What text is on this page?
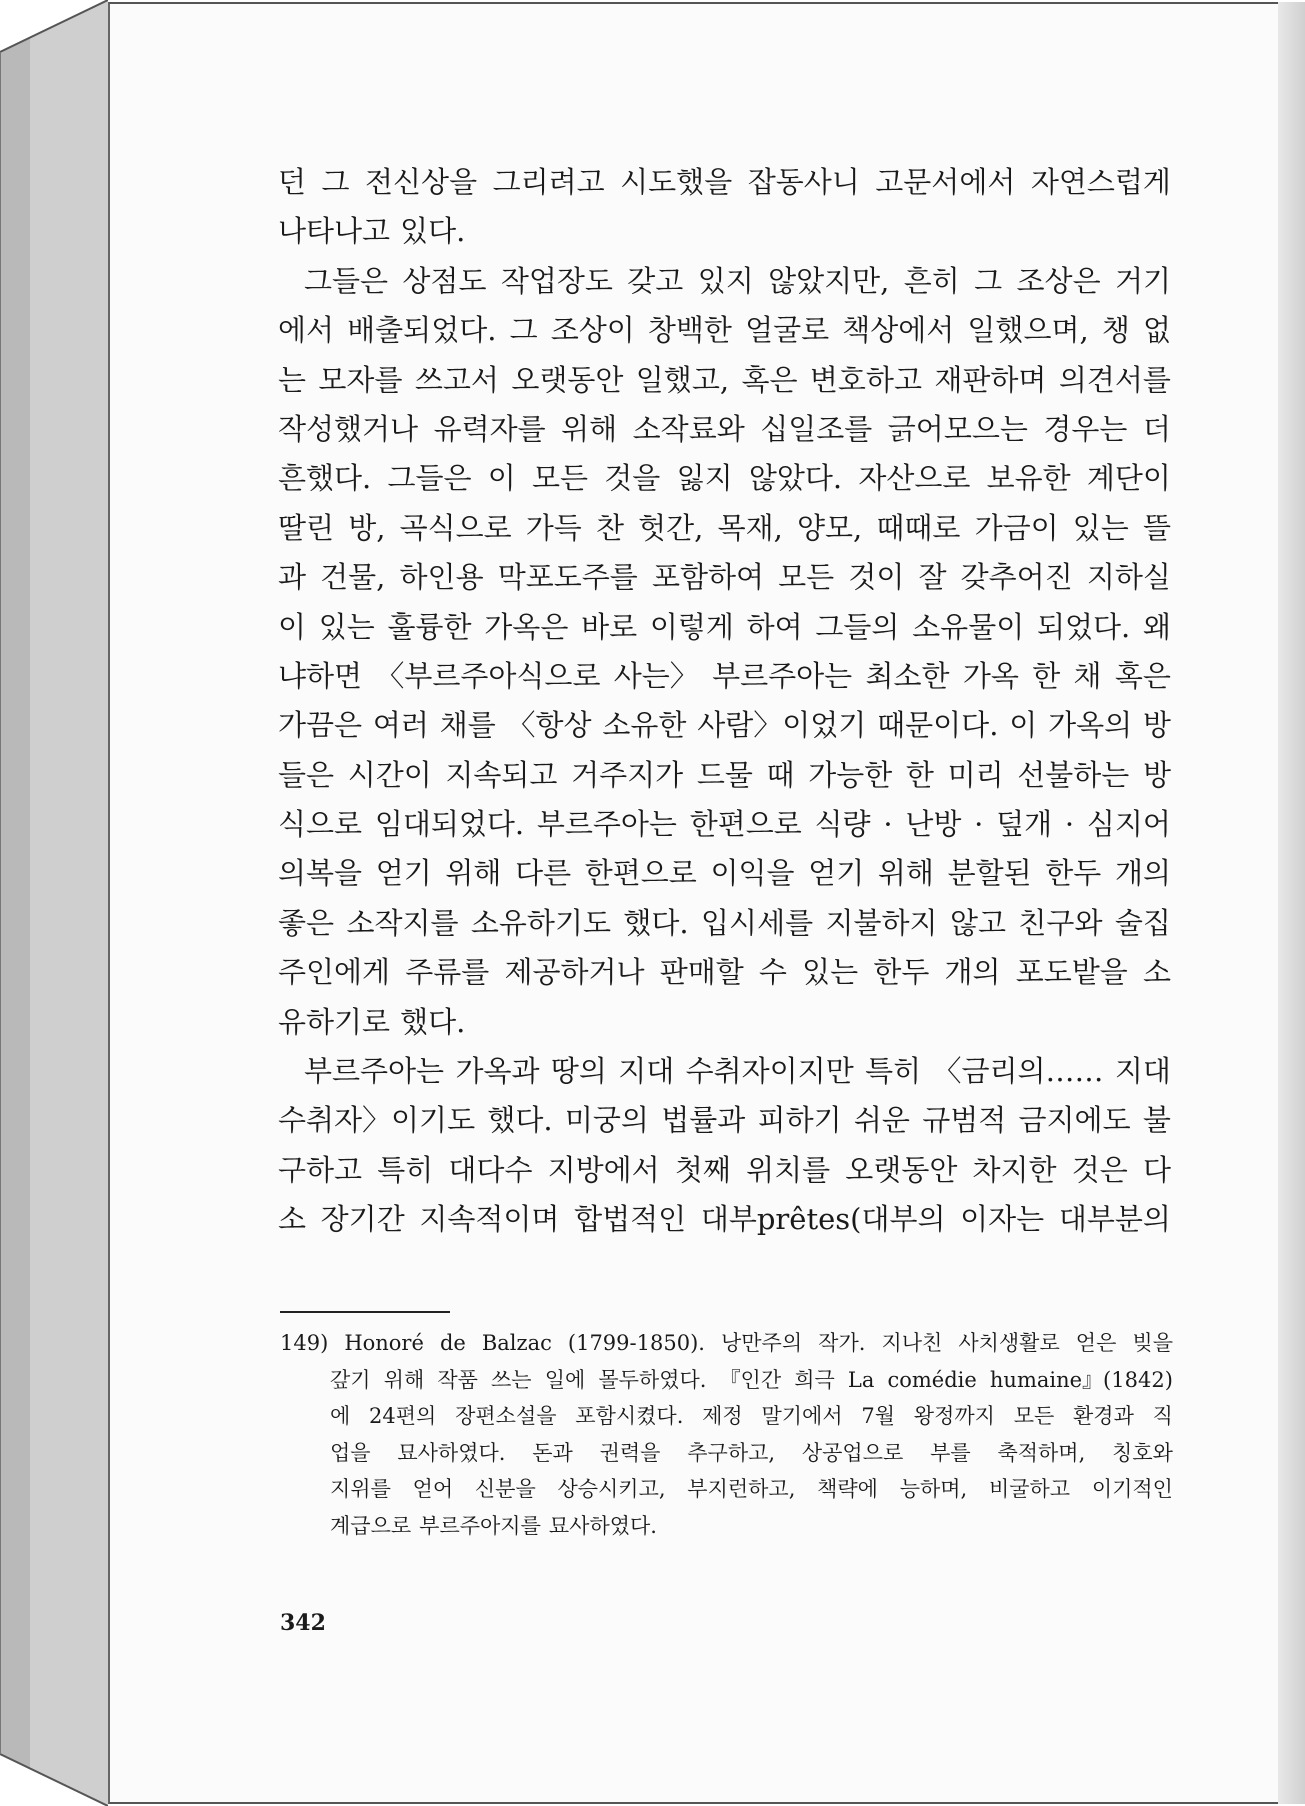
던 그 전신상을 그리려고 시도했을 잡동사니 고문서에서 자연스럽게
나타나고 있다.
그들은 상점도 작업장도 갖고 있지 않았지만, 흔히 그 조상은 거기
에서 배출되었다. 그 조상이 창백한 얼굴로 책상에서 일했으며, 챙 없
는 모자를 쓰고서 오랫동안 일했고, 혹은 변호하고 재판하며 의견서를
작성했거나 유력자를 위해 소작료와 십일조를 긁어모으는 경우는 더
흔했다. 그들은 이 모든 것을 잃지 않았다. 자산으로 보유한 계단이
딸린 방, 곡식으로 가득 찬 헛간, 목재, 양모, 때때로 가금이 있는 뜰
과 건물, 하인용 막포도주를 포함하여 모든 것이 잘 갖추어진 지하실
이 있는 훌륭한 가옥은 바로 이렇게 하여 그들의 소유물이 되었다. 왜
냐하면 〈부르주아식으로 사는〉 부르주아는 최소한 가옥 한 채 혹은
가끔은 여러 채를 〈항상 소유한 사람〉이었기 때문이다. 이 가옥의 방
들은 시간이 지속되고 거주지가 드물 때 가능한 한 미리 선불하는 방
식으로 임대되었다. 부르주아는 한편으로 식량 · 난방 · 덮개 · 심지어
의복을 얻기 위해 다른 한편으로 이익을 얻기 위해 분할된 한두 개의
좋은 소작지를 소유하기도 했다. 입시세를 지불하지 않고 친구와 술집
주인에게 주류를 제공하거나 판매할 수 있는 한두 개의 포도밭을 소
유하기로 했다.
부르주아는 가옥과 땅의 지대 수취자이지만 특히 〈금리의…… 지대
수취자〉이기도 했다. 미궁의 법률과 피하기 쉬운 규범적 금지에도 불
구하고 특히 대다수 지방에서 첫째 위치를 오랫동안 차지한 것은 다
소 장기간 지속적이며 합법적인 대부prêtes(대부의 이자는 대부분의
149) Honoré de Balzac (1799-1850). 낭만주의 작가. 지나친 사치생활로 얻은 빚을
갚기 위해 작품 쓰는 일에 몰두하였다. 『인간 희극 La comédie humaine』(1842)
에 24편의 장편소설을 포함시켰다. 제정 말기에서 7월 왕정까지 모든 환경과 직
업을 묘사하였다. 돈과 권력을 추구하고, 상공업으로 부를 축적하며, 칭호와
지위를 얻어 신분을 상승시키고, 부지런하고, 책략에 능하며, 비굴하고 이기적인
계급으로 부르주아지를 묘사하였다.
342
